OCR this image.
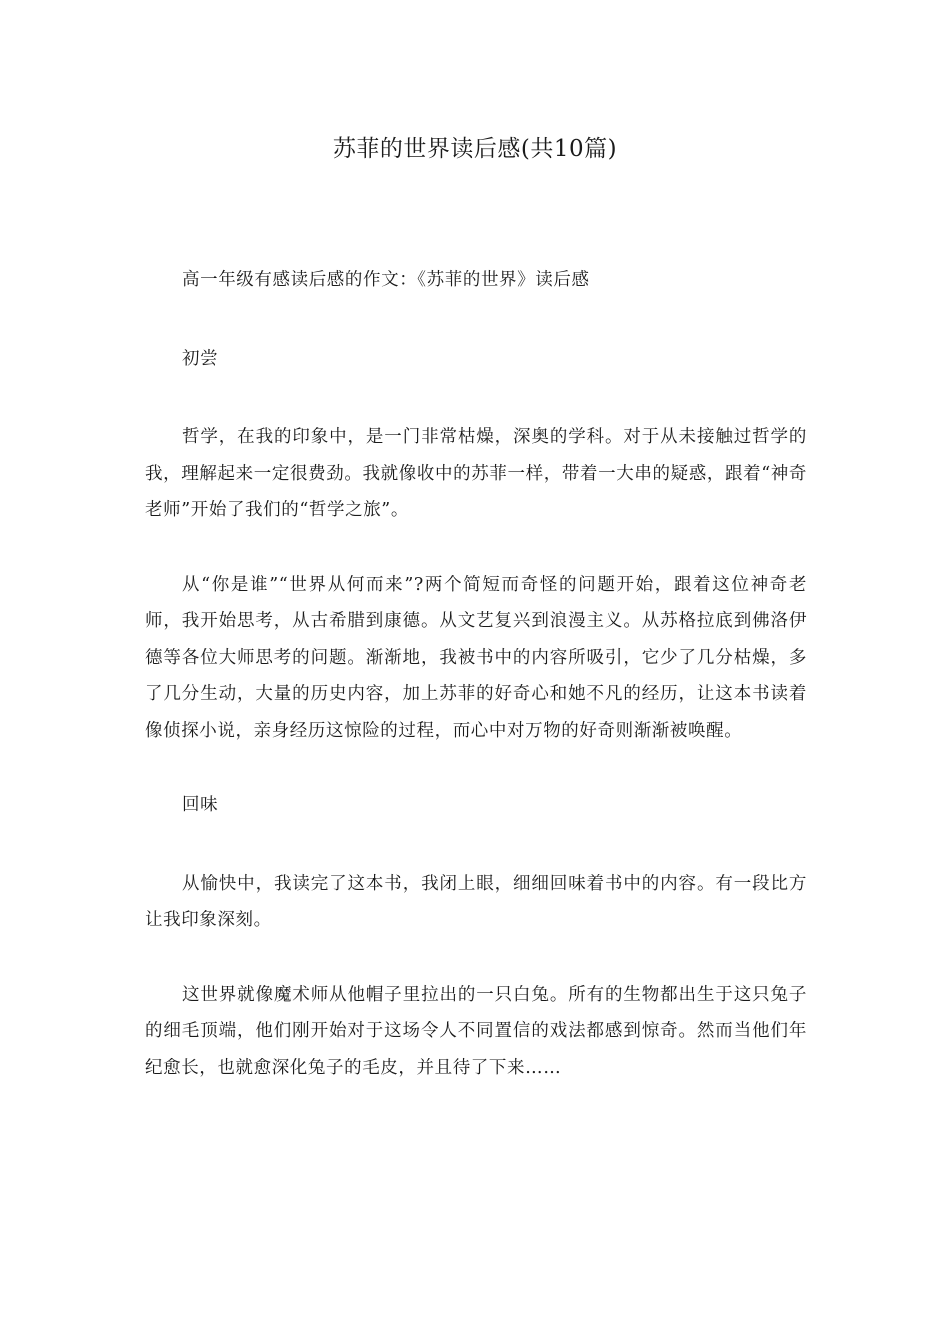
苏菲的世界读后感(共10篇)

高一年级有感读后感的作文：《苏菲的世界》读后感

初尝

哲学，在我的印象中，是一门非常枯燥，深奥的学科。对于从未接触过哲学的我，理解起来一定很费劲。我就像收中的苏菲一样，带着一大串的疑惑，跟着“神奇老师”开始了我们的“哲学之旅”。

从“你是谁”“世界从何而来”?两个简短而奇怪的问题开始，跟着这位神奇老师，我开始思考，从古希腊到康德。从文艺复兴到浪漫主义。从苏格拉底到佛洛伊德等各位大师思考的问题。渐渐地，我被书中的内容所吸引，它少了几分枯燥，多了几分生动，大量的历史内容，加上苏菲的好奇心和她不凡的经历，让这本书读着像侦探小说，亲身经历这惊险的过程，而心中对万物的好奇则渐渐被唤醒。

回味

从愉快中，我读完了这本书，我闭上眼，细细回味着书中的内容。有一段比方让我印象深刻。

这世界就像魔术师从他帽子里拉出的一只白兔。所有的生物都出生于这只兔子的细毛顶端，他们刚开始对于这场令人不同置信的戏法都感到惊奇。然而当他们年纪愈长，也就愈深化兔子的毛皮，并且待了下来……
